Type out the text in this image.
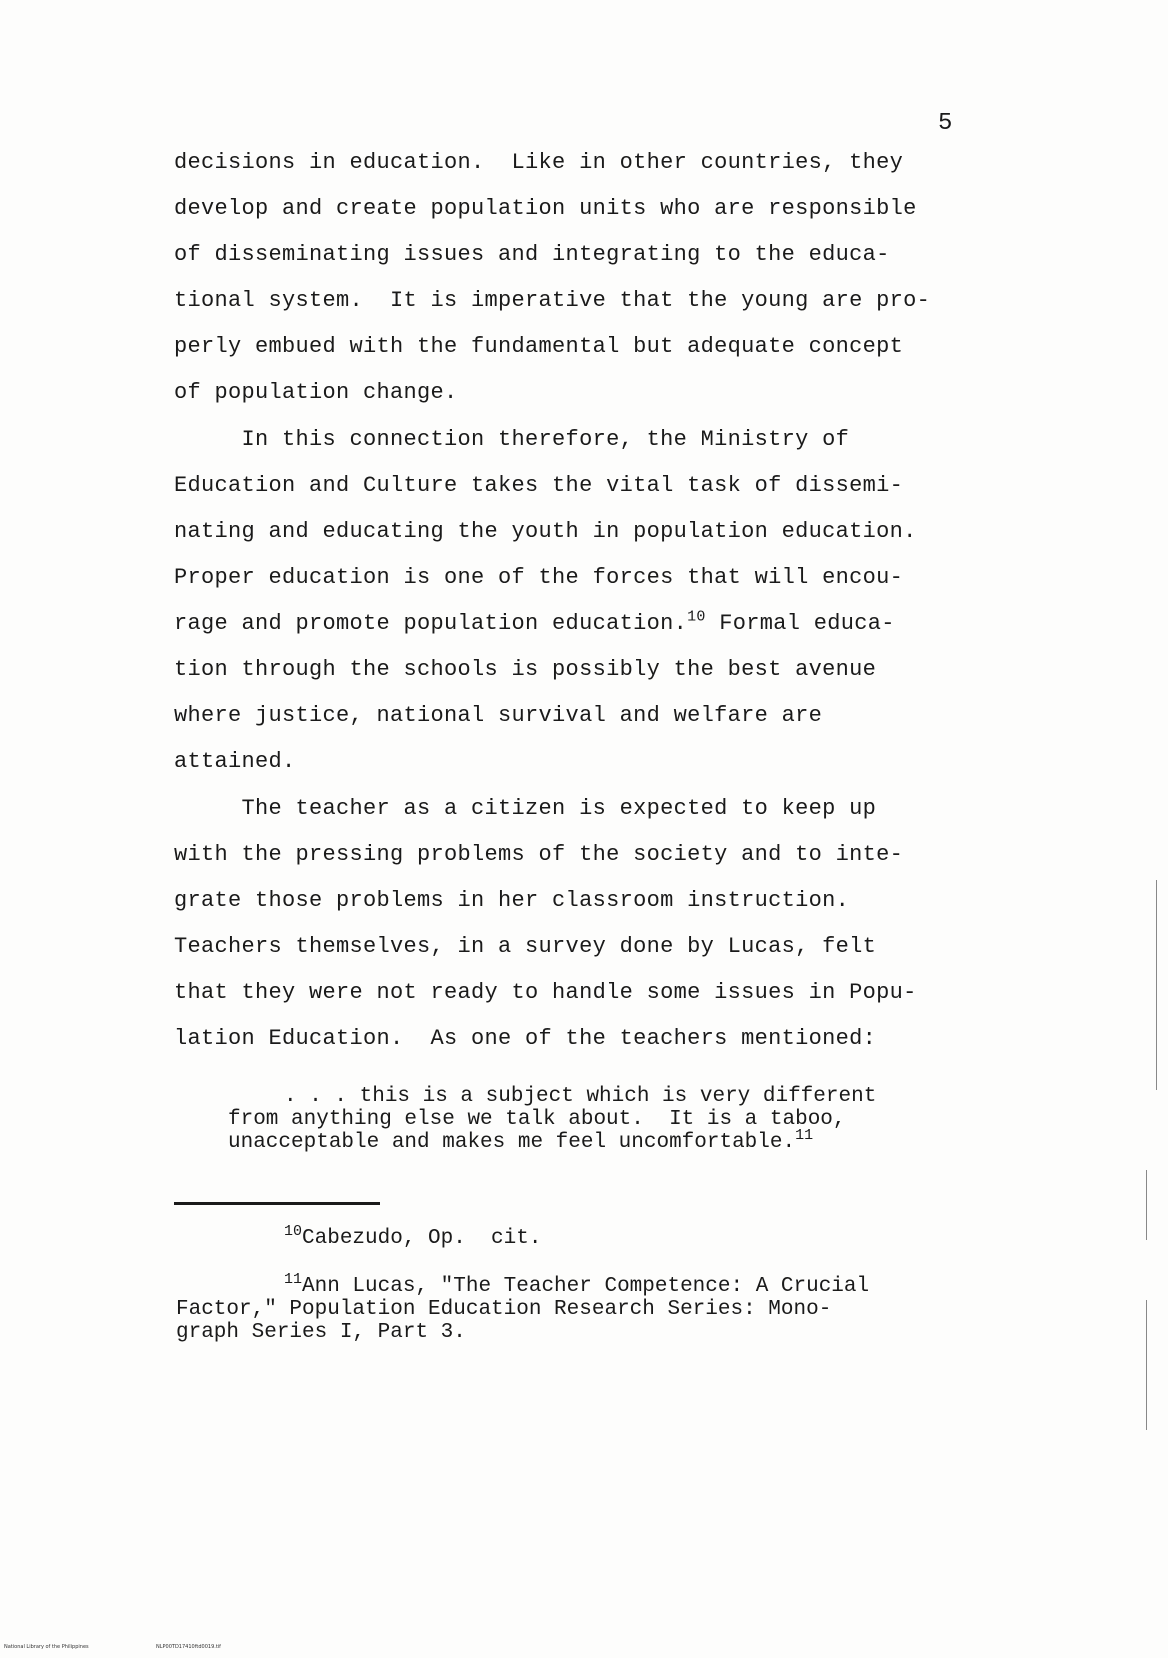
5
decisions in education.  Like in other countries, they
develop and create population units who are responsible
of disseminating issues and integrating to the educa-
tional system.  It is imperative that the young are pro-
perly embued with the fundamental but adequate concept
of population change.
In this connection therefore, the Ministry of
Education and Culture takes the vital task of dissemi-
nating and educating the youth in population education.
Proper education is one of the forces that will encou-
rage and promote population education.$^{10}$ Formal educa-
tion through the schools is possibly the best avenue
where justice, national survival and welfare are
attained.
The teacher as a citizen is expected to keep up
with the pressing problems of the society and to inte-
grate those problems in her classroom instruction.
Teachers themselves, in a survey done by Lucas, felt
that they were not ready to handle some issues in Popu-
lation Education.  As one of the teachers mentioned:
. . . this is a subject which is very different
from anything else we talk about.  It is a taboo,
unacceptable and makes me feel uncomfortable.$^{11}$
$^{10}$Cabezudo, Op.  cit.
$^{11}$Ann Lucas, "The Teacher Competence: A Crucial
Factor," Population Education Research Series: Mono-
graph Series I, Part 3.
National Library of the Philippines	NLP00TD17410ftd0019.tif
